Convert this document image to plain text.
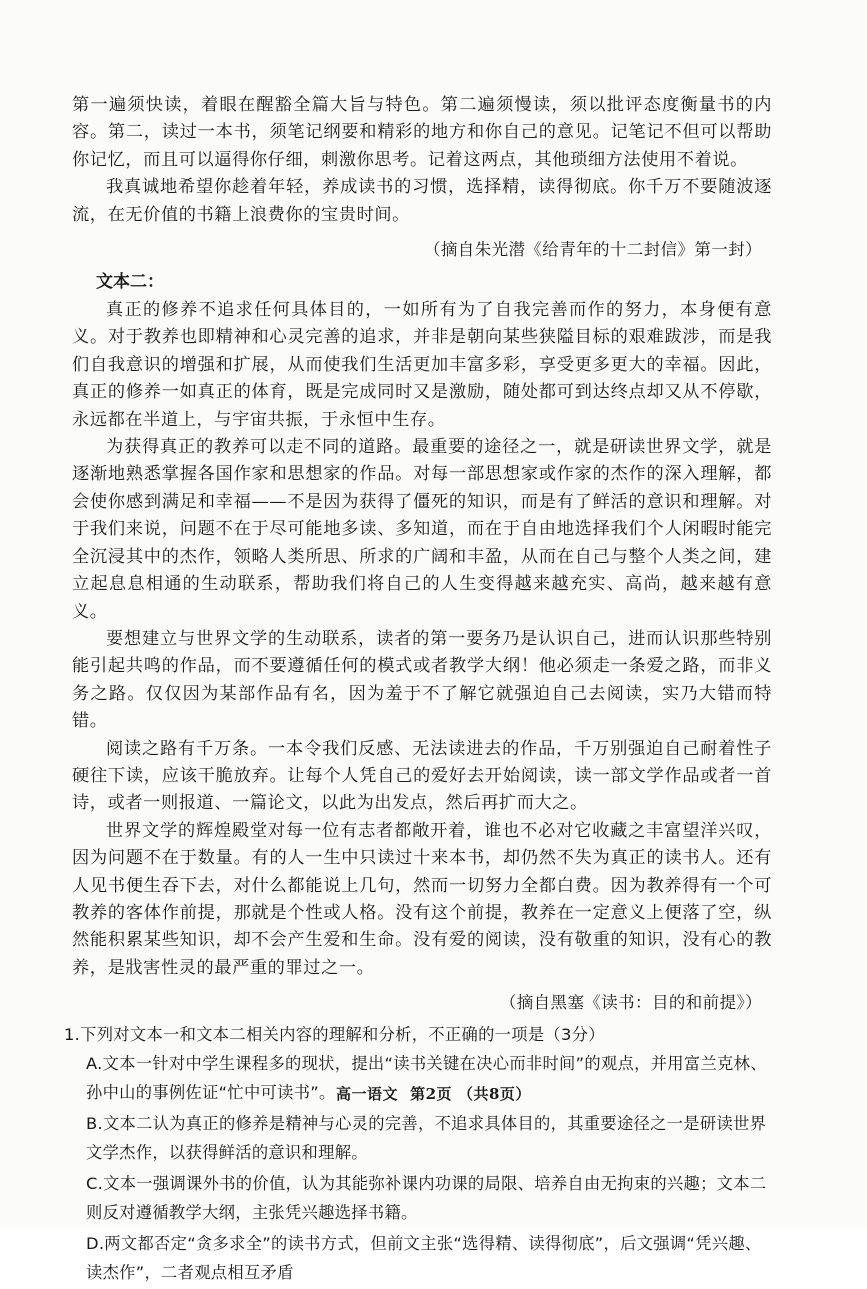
第一遍须快读，着眼在醒豁全篇大旨与特色。第二遍须慢读，须以批评态度衡量书的内容。第二，读过一本书，须笔记纲要和精彩的地方和你自己的意见。记笔记不但可以帮助你记忆，而且可以逼得你仔细，刺激你思考。记着这两点，其他琐细方法使用不着说。

我真诚地希望你趁着年轻，养成读书的习惯，选择精，读得彻底。你千万不要随波逐流，在无价值的书籍上浪费你的宝贵时间。

（摘自朱光潜《给青年的十二封信》第一封）

文本二：

真正的修养不追求任何具体目的，一如所有为了自我完善而作的努力，本身便有意义。对于教养也即精神和心灵完善的追求，并非是朝向某些狭隘目标的艰难跋涉，而是我们自我意识的增强和扩展，从而使我们生活更加丰富多彩，享受更多更大的幸福。因此，真正的修养一如真正的体育，既是完成同时又是激励，随处都可到达终点却又从不停歇，永远都在半道上，与宇宙共振，于永恒中生存。

为获得真正的教养可以走不同的道路。最重要的途径之一，就是研读世界文学，就是逐渐地熟悉掌握各国作家和思想家的作品。对每一部思想家或作家的杰作的深入理解，都会使你感到满足和幸福——不是因为获得了僵死的知识，而是有了鲜活的意识和理解。对于我们来说，问题不在于尽可能地多读、多知道，而在于自由地选择我们个人闲暇时能完全沉浸其中的杰作，领略人类所思、所求的广阔和丰盈，从而在自己与整个人类之间，建立起息息相通的生动联系，帮助我们将自己的人生变得越来越充实、高尚，越来越有意义。

要想建立与世界文学的生动联系，读者的第一要务乃是认识自己，进而认识那些特别能引起共鸣的作品，而不要遵循任何的模式或者教学大纲！他必须走一条爱之路，而非义务之路。仅仅因为某部作品有名，因为羞于不了解它就强迫自己去阅读，实乃大错而特错。

阅读之路有千万条。一本令我们反感、无法读进去的作品，千万别强迫自己耐着性子硬往下读，应该干脆放弃。让每个人凭自己的爱好去开始阅读，读一部文学作品或者一首诗，或者一则报道、一篇论文，以此为出发点，然后再扩而大之。

世界文学的辉煌殿堂对每一位有志者都敞开着，谁也不必对它收藏之丰富望洋兴叹，因为问题不在于数量。有的人一生中只读过十来本书，却仍然不失为真正的读书人。还有人见书便生吞下去，对什么都能说上几句，然而一切努力全都白费。因为教养得有一个可教养的客体作前提，那就是个性或人格。没有这个前提，教养在一定意义上便落了空，纵然能积累某些知识，却不会产生爱和生命。没有爱的阅读，没有敬重的知识，没有心的教养，是戕害性灵的最严重的罪过之一。

（摘自黑塞《读书：目的和前提》）

1.下列对文本一和文本二相关内容的理解和分析，不正确的一项是（3分）

A.文本一针对中学生课程多的现状，提出“读书关键在决心而非时间”的观点，并用富兰克林、孙中山的事例佐证“忙中可读书”。

B.文本二认为真正的修养是精神与心灵的完善，不追求具体目的，其重要途径之一是研读世界文学杰作，以获得鲜活的意识和理解。

C.文本一强调课外书的价值，认为其能弥补课内功课的局限、培养自由无拘束的兴趣；文本二则反对遵循教学大纲，主张凭兴趣选择书籍。

D.两文都否定“贪多求全”的读书方式，但前文主张“选得精、读得彻底”，后文强调“凭兴趣、读杰作”，二者观点相互矛盾

高一语文 第2页 （共8页）
